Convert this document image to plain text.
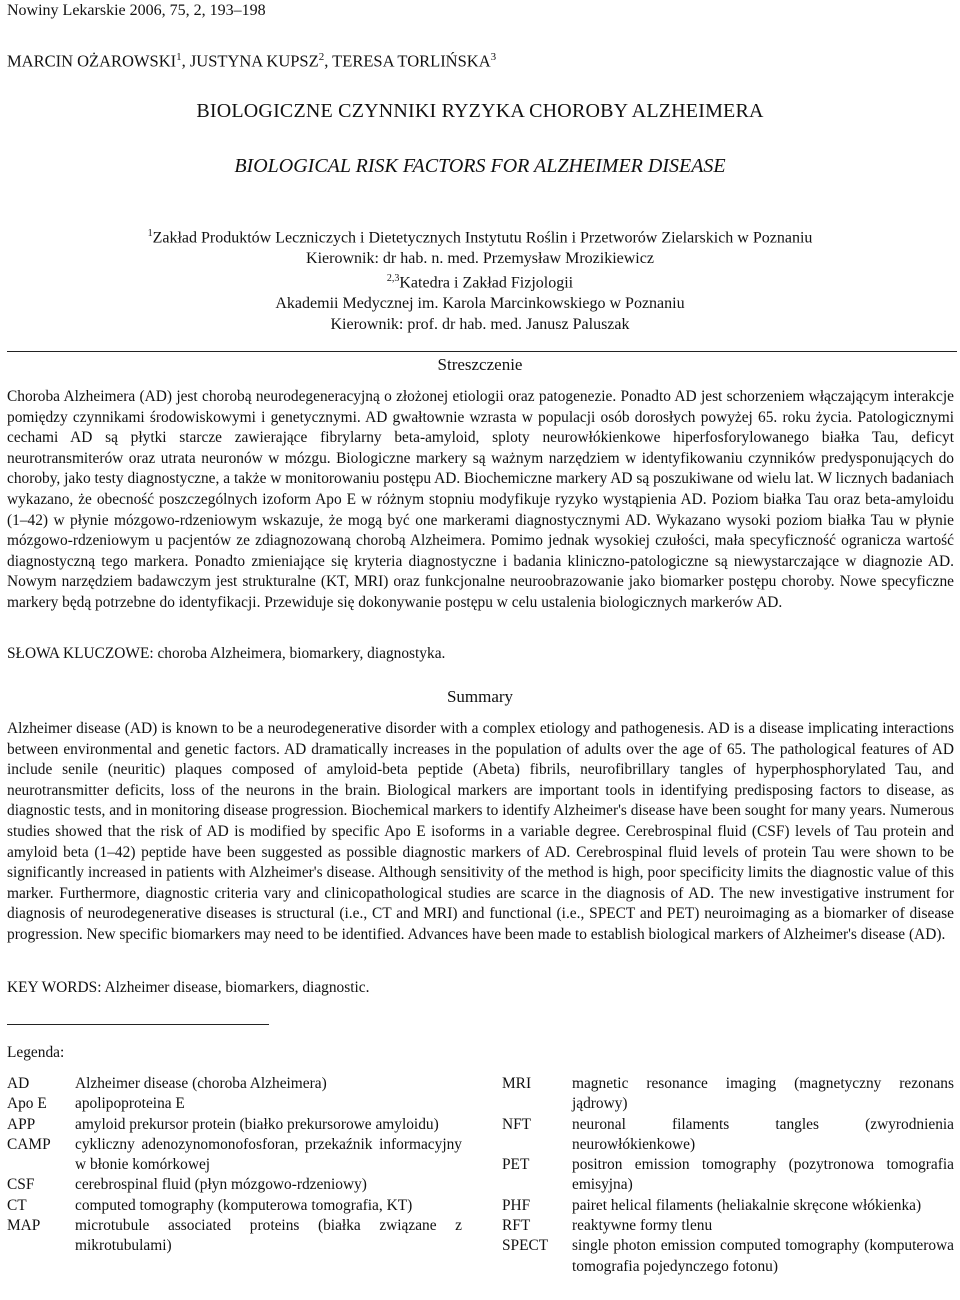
Nowiny Lekarskie 2006, 75, 2, 193–198
MARCIN OŻAROWSKI$^1$, JUSTYNA KUPSZ$^2$, TERESA TORLIŃSKA$^3$
BIOLOGICZNE CZYNNIKI RYZYKA CHOROBY ALZHEIMERA
BIOLOGICAL RISK FACTORS FOR ALZHEIMER DISEASE
$^1$Zakład Produktów Leczniczych i Dietetycznych Instytutu Roślin i Przetworów Zielarskich w Poznaniu
Kierownik: dr hab. n. med. Przemysław Mrozikiewicz
$^{2,3}$Katedra i Zakład Fizjologii
Akademii Medycznej im. Karola Marcinkowskiego w Poznaniu
Kierownik: prof. dr hab. med. Janusz Paluszak
Streszczenie
Choroba Alzheimera (AD) jest chorobą neurodegeneracyjną o złożonej etiologii oraz patogenezie. Ponadto AD jest schorzeniem włączającym interakcje pomiędzy czynnikami środowiskowymi i genetycznymi. AD gwałtownie wzrasta w populacji osób dorosłych powyżej 65. roku życia. Patologicznymi cechami AD są płytki starcze zawierające fibrylarny beta-amyloid, sploty neurowłókienkowe hiperfosforylowanego białka Tau, deficyt neurotransmiterów oraz utrata neuronów w mózgu. Biologiczne markery są ważnym narzędziem w identyfikowaniu czynników predysponujących do choroby, jako testy diagnostyczne, a także w monitorowaniu postępu AD. Biochemiczne markery AD są poszukiwane od wielu lat. W licznych badaniach wykazano, że obecność poszczególnych izoform Apo E w różnym stopniu modyfikuje ryzyko wystąpienia AD. Poziom białka Tau oraz beta-amyloidu (1–42) w płynie mózgowo-rdzeniowym wskazuje, że mogą być one markerami diagnostycznymi AD. Wykazano wysoki poziom białka Tau w płynie mózgowo-rdzeniowym u pacjentów ze zdiagnozowaną chorobą Alzheimera. Pomimo jednak wysokiej czułości, mała specyficzność ogranicza wartość diagnostyczną tego markera. Ponadto zmieniające się kryteria diagnostyczne i badania kliniczno-patologiczne są niewystarczające w diagnozie AD. Nowym narzędziem badawczym jest strukturalne (KT, MRI) oraz funkcjonalne neuroobrazowanie jako biomarker postępu choroby. Nowe specyficzne markery będą potrzebne do identyfikacji. Przewiduje się dokonywanie postępu w celu ustalenia biologicznych markerów AD.
SŁOWA KLUCZOWE: choroba Alzheimera, biomarkery, diagnostyka.
Summary
Alzheimer disease (AD) is known to be a neurodegenerative disorder with a complex etiology and pathogenesis. AD is a disease implicating interactions between environmental and genetic factors. AD dramatically increases in the population of adults over the age of 65. The pathological features of AD include senile (neuritic) plaques composed of amyloid-beta peptide (Abeta) fibrils, neurofibrillary tangles of hyperphosphorylated Tau, and neurotransmitter deficits, loss of the neurons in the brain. Biological markers are important tools in identifying predisposing factors to disease, as diagnostic tests, and in monitoring disease progression. Biochemical markers to identify Alzheimer's disease have been sought for many years. Numerous studies showed that the risk of AD is modified by specific Apo E isoforms in a variable degree. Cerebrospinal fluid (CSF) levels of Tau protein and amyloid beta (1–42) peptide have been suggested as possible diagnostic markers of AD. Cerebrospinal fluid levels of protein Tau were shown to be significantly increased in patients with Alzheimer's disease. Although sensitivity of the method is high, poor specificity limits the diagnostic value of this marker. Furthermore, diagnostic criteria vary and clinicopathological studies are scarce in the diagnosis of AD. The new investigative instrument for diagnosis of neurodegenerative diseases is structural (i.e., CT and MRI) and functional (i.e., SPECT and PET) neuroimaging as a biomarker of disease progression. New specific biomarkers may need to be identified. Advances have been made to establish biological markers of Alzheimer's disease (AD).
KEY WORDS: Alzheimer disease, biomarkers, diagnostic.
Legenda:
AD	Alzheimer disease (choroba Alzheimera)
Apo E	apolipoproteina E
APP	amyloid prekursor protein (białko prekursorowe amyloidu)
CAMP	cykliczny adenozynomonofosforan, przekaźnik informacyjny w błonie komórkowej
CSF	cerebrospinal fluid (płyn mózgowo-rdzeniowy)
CT	computed tomography (komputerowa tomografia, KT)
MAP	microtubule associated proteins (białka związane z mikrotubulami)
MRI	magnetic resonance imaging (magnetyczny rezonans jądrowy)
NFT	neuronal filaments tangles (zwyrodnienia neurowłókienkowe)
PET	positron emission tomography (pozytronowa tomografia emisyjna)
PHF	pairet helical filaments (heliakalnie skręcone włókienka)
RFT	reaktywne formy tlenu
SPECT	single photon emission computed tomography (komputerowa tomografia pojedynczego fotonu)
